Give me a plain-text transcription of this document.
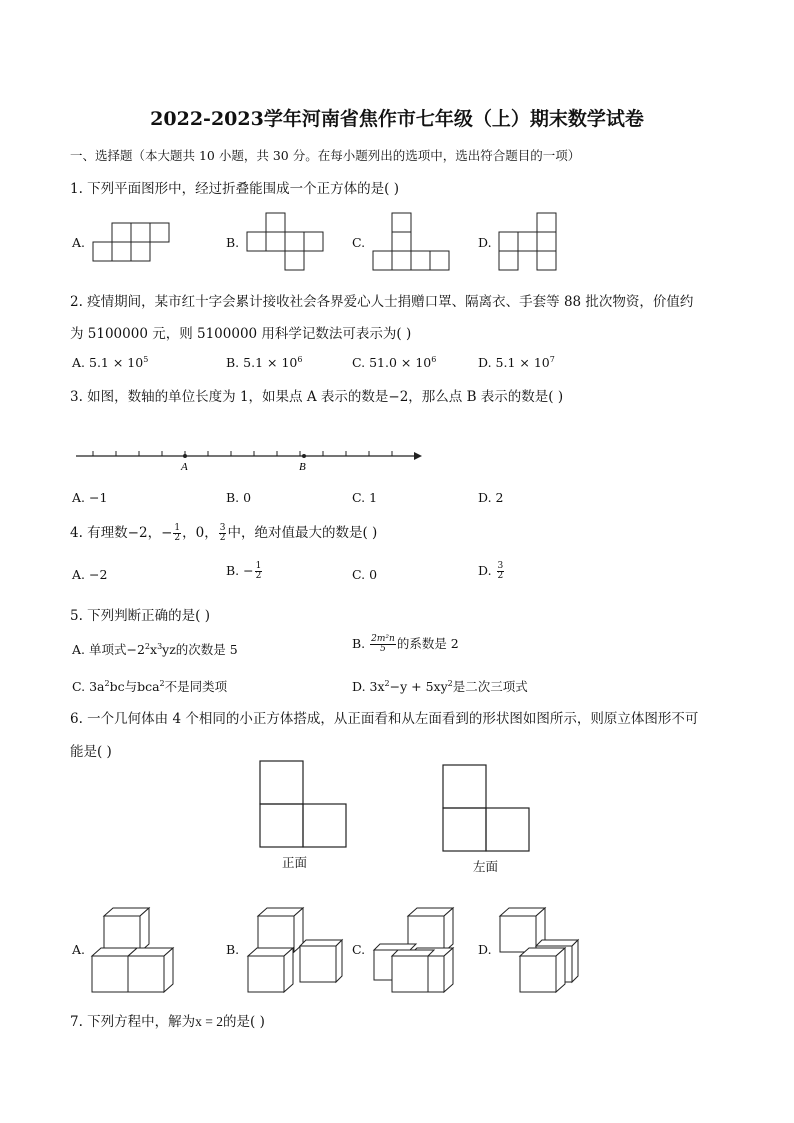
2022-2023学年河南省焦作市七年级（上）期末数学试卷
一、选择题（本大题共 10 小题，共 30 分。在每小题列出的选项中，选出符合题目的一项）
1. 下列平面图形中，经过折叠能围成一个正方体的是( )
A.	B.	C.	D.
2. 疫情期间，某市红十字会累计接收社会各界爱心人士捐赠口罩、隔离衣、手套等 88 批次物资，价值约
为 5100000 元，则 5100000 用科学记数法可表示为( )
A. $5.1 \times 10^5$	B. $5.1 \times 10^6$	C. $51.0 \times 10^6$	D. $5.1 \times 10^7$
3. 如图，数轴的单位长度为 1，如果点 A 表示的数是−2，那么点 B 表示的数是( )
A	B
A. −1	B. 0	C. 1	D. 2
4. 有理数−2，− $\frac{1}{2}$ ，0， $\frac{3}{2}$ 中，绝对值最大的数是( )
A. −2	B. − $\frac{1}{2}$	C. 0	D. $\frac{3}{2}$
5. 下列判断正确的是( )
A. 单项式$-2^2x^3yz$的次数是 5	B. $\frac{\text{2m²n}}{5}$ 的系数是 2
C. $3a^2bc$与bca$^2$不是同类项	D. $3x^2-y + 5xy^2$是二次三项式
6. 一个几何体由 4 个相同的小正方体搭成，从正面看和从左面看到的形状图如图所示，则原立体图形不可
能是( )
正面	左面
A.	B.	C.	D.
7. 下列方程中，解为x = 2的是( )
